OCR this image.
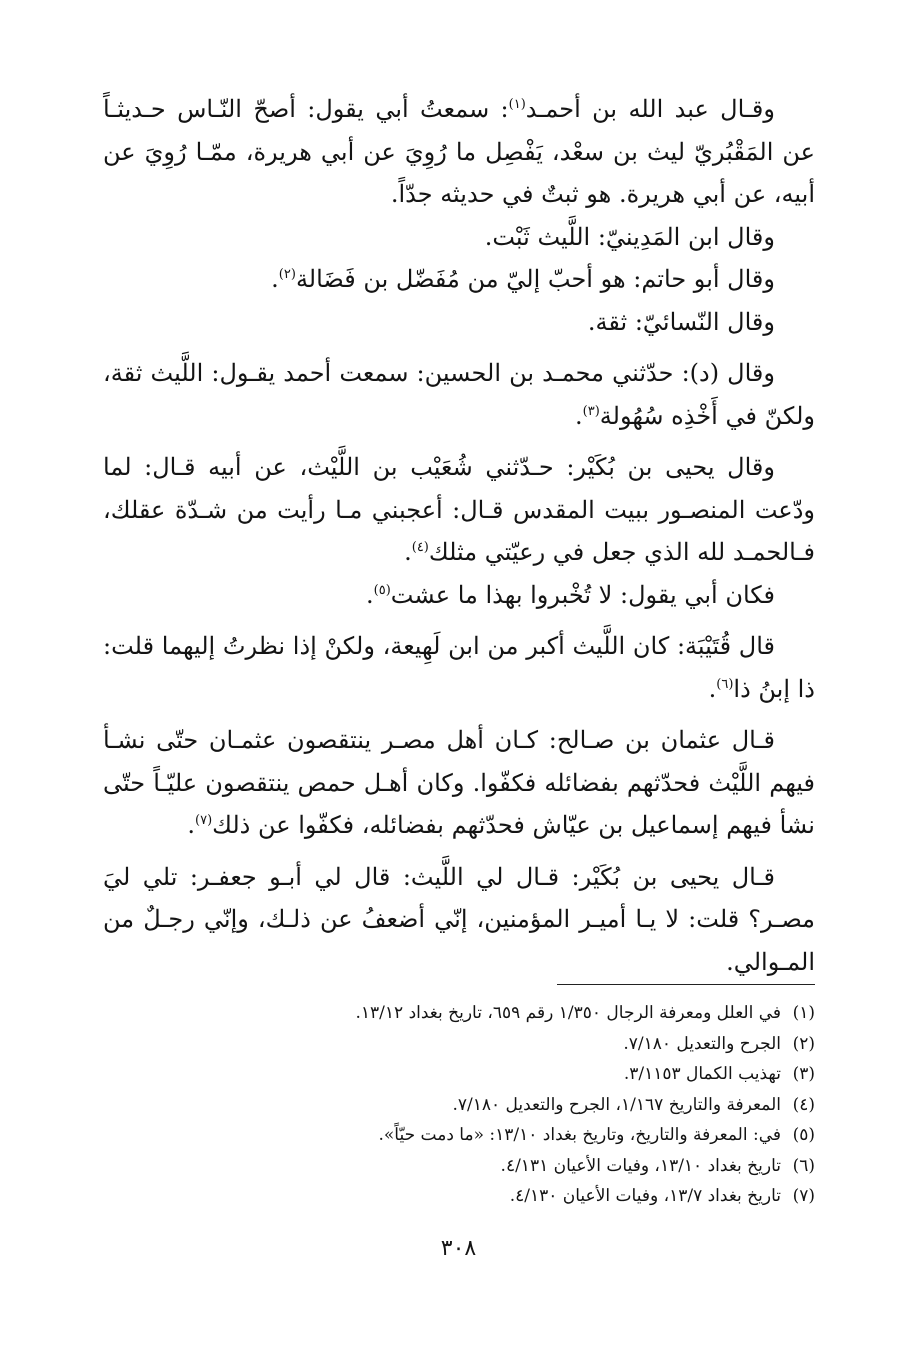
وقـال عبد الله بن أحمـد$^{(١)}$: سمعتُ أبي يقول: أصحّ النّـاس حـديثـاً عن المَقْبُريّ ليث بن سعْد، يَفْصِل ما رُوِيَ عن أبي هريرة، ممّـا رُوِيَ عن أبيه، عن أبي هريرة. هو ثبتٌ في حديثه جدّاً.

وقال ابن المَدِينيّ: اللَّيث ثَبْت.

وقال أبو حاتم: هو أحبّ إليّ من مُفَضّل بن فَضَالة$^{(٢)}$.

وقال النّسائيّ: ثقة.

وقال (د): حدّثني محمـد بن الحسين: سمعت أحمد يقـول: اللَّيث ثقة، ولكنّ في أَخْذِه سُهُولة$^{(٣)}$.

وقال يحيى بن بُكَيْر: حـدّثني شُعَيْب بن اللَّيْث، عن أبيه قـال: لما ودّعت المنصـور ببيت المقدس قـال: أعجبني مـا رأيت من شـدّة عقلك، فـالحمـد لله الذي جعل في رعيّتي مثلك$^{(٤)}$.

فكان أبي يقول: لا تُخْبروا بهذا ما عشت$^{(٥)}$.

قال قُتَيْبَة: كان اللَّيث أكبر من ابن لَهِيعة، ولكنْ إذا نظرتُ إليهما قلت: ذا إبنُ ذا$^{(٦)}$.

قـال عثمان بن صـالح: كـان أهل مصـر ينتقصون عثمـان حتّى نشـأ فيهم اللَّيْث فحدّثهم بفضائله فكفّوا. وكان أهـل حمص ينتقصون عليّـاً حتّى نشأ فيهم إسماعيل بن عيّاش فحدّثهم بفضائله، فكفّوا عن ذلك$^{(٧)}$.

قـال يحيى بن بُكَيْر: قـال لي اللَّيث: قال لي أبـو جعفـر: تلي ليَ مصـر؟ قلت: لا يـا أميـر المؤمنين، إنّي أضعفُ عن ذلـك، وإنّي رجـلٌ من المـوالي.

(١)في العلل ومعرفة الرجال ١/٣٥٠ رقم ٦٥٩، تاريخ بغداد ١٣/١٢.

(٢)الجرح والتعديل ٧/١٨٠.

(٣)تهذيب الكمال ٣/١١٥٣.

(٤)المعرفة والتاريخ ١/١٦٧، الجرح والتعديل ٧/١٨٠.

(٥)في: المعرفة والتاريخ، وتاريخ بغداد ١٣/١٠: «ما دمت حيّاً».

(٦)تاريخ بغداد ١٣/١٠، وفيات الأعيان ٤/١٣١.

(٧)تاريخ بغداد ١٣/٧، وفيات الأعيان ٤/١٣٠.

٣٠٨
